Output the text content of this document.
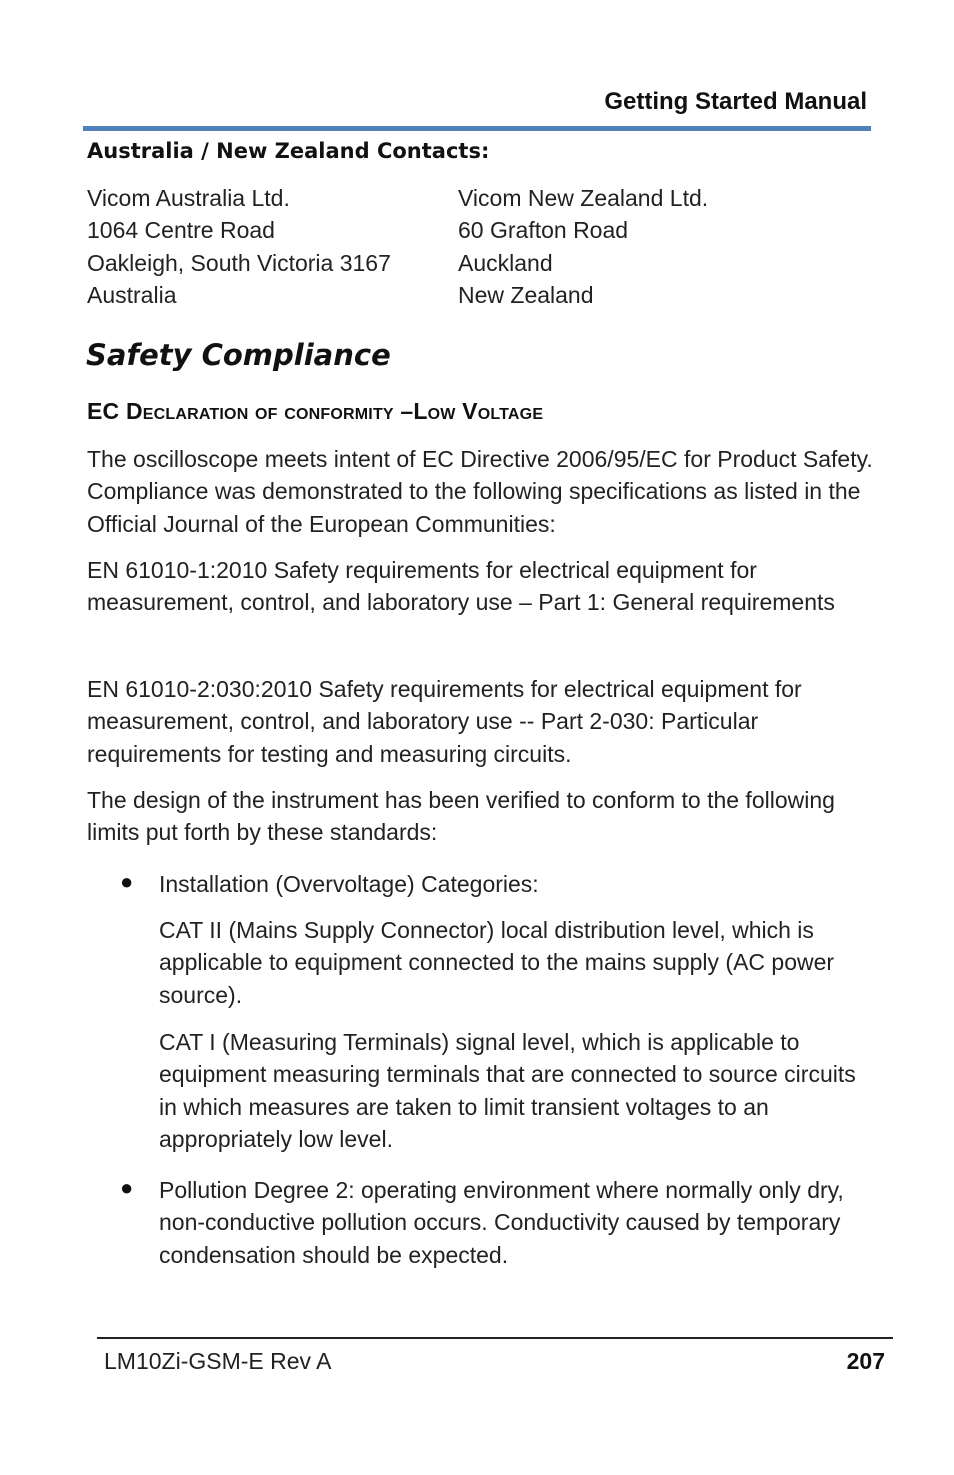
Getting Started Manual
Australia / New Zealand Contacts:
Vicom Australia Ltd.
1064 Centre Road
Oakleigh, South Victoria 3167
Australia
Vicom New Zealand Ltd.
60 Grafton Road
Auckland
New Zealand
Safety Compliance
EC Declaration of conformity –Low Voltage
The oscilloscope meets intent of EC Directive 2006/95/EC for Product Safety. Compliance was demonstrated to the following specifications as listed in the Official Journal of the European Communities:
EN 61010-1:2010 Safety requirements for electrical equipment for measurement, control, and laboratory use – Part 1: General requirements
EN 61010-2:030:2010 Safety requirements for electrical equipment for measurement, control, and laboratory use -- Part 2-030: Particular requirements for testing and measuring circuits.
The design of the instrument has been verified to conform to the following limits put forth by these standards:
● Installation (Overvoltage) Categories:
CAT II (Mains Supply Connector) local distribution level, which is applicable to equipment connected to the mains supply (AC power source).
CAT I (Measuring Terminals) signal level, which is applicable to equipment measuring terminals that are connected to source circuits in which measures are taken to limit transient voltages to an appropriately low level.
● Pollution Degree 2: operating environment where normally only dry, non-conductive pollution occurs. Conductivity caused by temporary condensation should be expected.
LM10Zi-GSM-E Rev A	207
